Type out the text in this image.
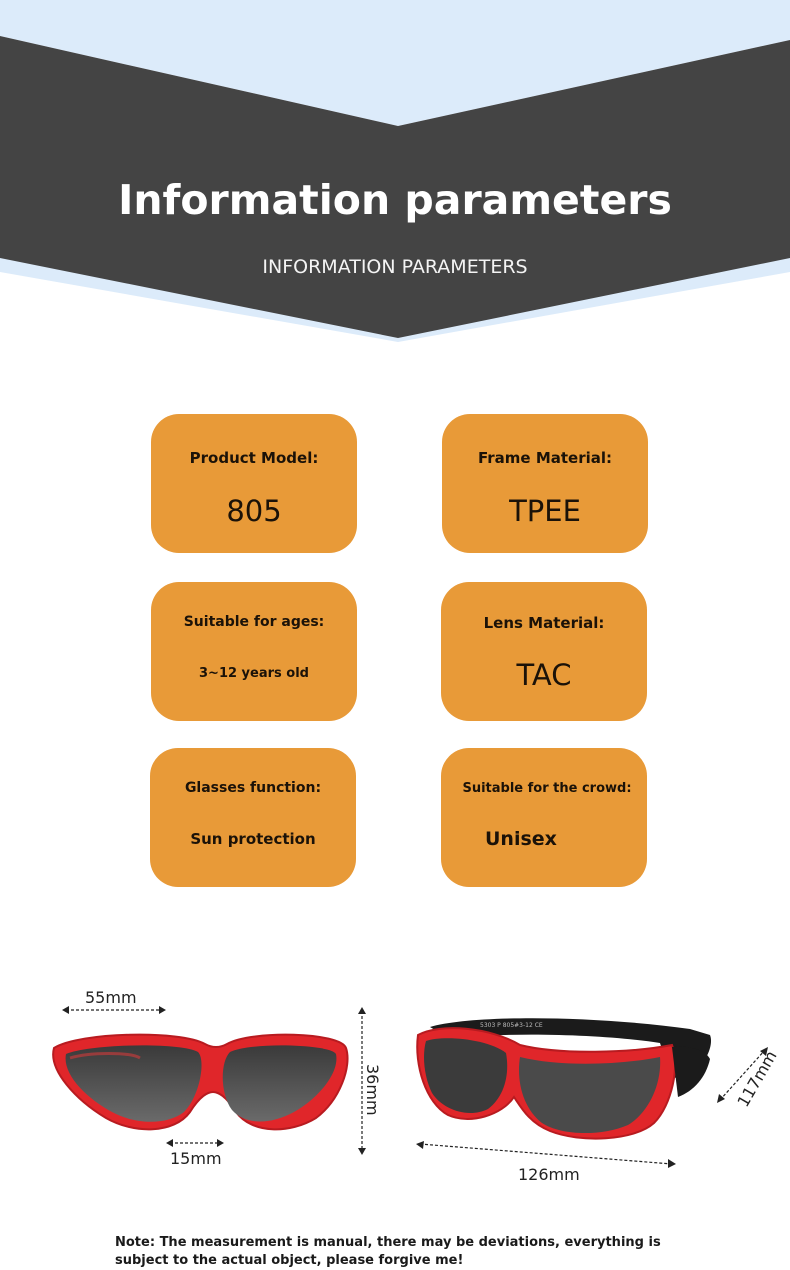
Information parameters
INFORMATION PARAMETERS
Product Model:
805
Frame Material:
TPEE
Suitable for ages:
3~12 years old
Lens Material:
TAC
Glasses function:
Sun protection
Suitable for the crowd:
Unisex
55mm
15mm
36mm
5303 P 805#3-12 CE
126mm
117mm
Note: The measurement is manual, there may be deviations, everything is subject to the actual object, please forgive me!
